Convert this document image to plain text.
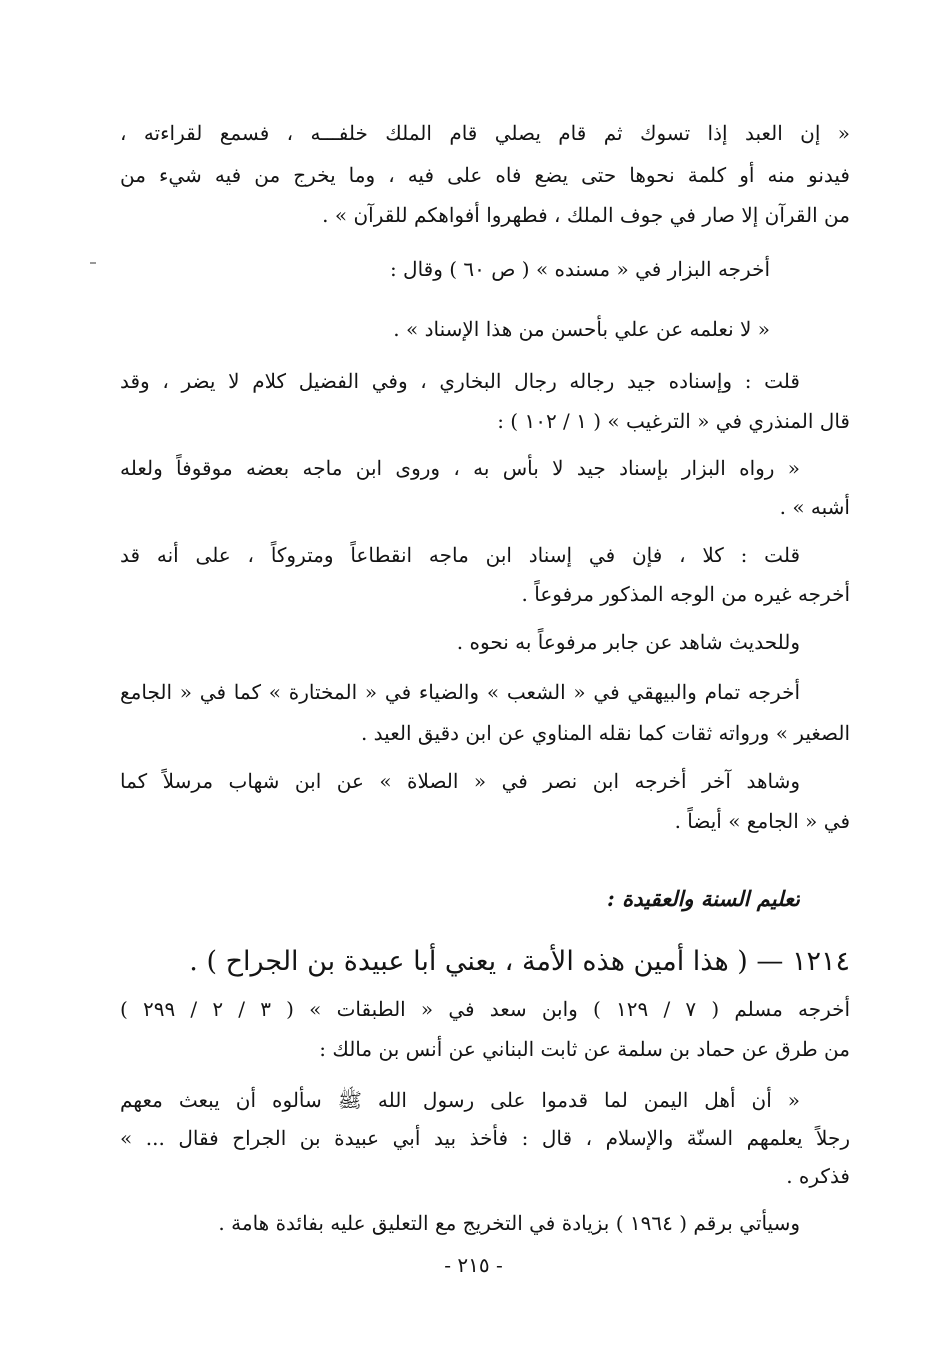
« إن العبد إذا تسوك ثم قام يصلي قام الملك خلفـــه ، فسمع لقراءته ،
فيدنو منه أو كلمة نحوها حتى يضع فاه على فيه ، وما يخرج من فيه شيء من
من القرآن إلا صار في جوف الملك ، فطهروا أفواهكم للقرآن » .
أخرجه البزار في « مسنده » ( ص ٦٠ ) وقال :
« لا نعلمه عن علي بأحسن من هذا الإسناد » .
قلت : وإسناده جيد رجاله رجال البخاري ، وفي الفضيل كلام لا يضر ، وقد
قال المنذري في « الترغيب » ( ١ / ١٠٢ ) :
« رواه البزار بإسناد جيد لا بأس به ، وروى ابن ماجه بعضه موقوفاً ولعله
أشبه » .
قلت : كلا ، فإن في إسناد ابن ماجه انقطاعاً ومتروكاً ، على أنه قد
أخرجه غيره من الوجه المذكور مرفوعاً .
وللحديث شاهد عن جابر مرفوعاً به نحوه .
أخرجه تمام والبيهقي في « الشعب » والضياء في « المختارة » كما في « الجامع
الصغير » ورواته ثقات كما نقله المناوي عن ابن دقيق العيد .
وشاهد آخر أخرجه ابن نصر في « الصلاة » عن ابن شهاب مرسلاً كما
في « الجامع » أيضاً .
تعليم السنة والعقيدة :
١٢١٤ — ( هذا أمين هذه الأمة ، يعني أبا عبيدة بن الجراح ) .
أخرجه مسلم ( ٧ / ١٢٩ ) وابن سعد في « الطبقات » ( ٣ / ٢ / ٢٩٩ )
من طرق عن حماد بن سلمة عن ثابت البناني عن أنس بن مالك :
« أن أهل اليمن لما قدموا على رسول الله ﷺ سألوه أن يبعث معهم
رجلاً يعلمهم السنّة والإسلام ، قال : فأخذ بيد أبي عبيدة بن الجراح فقال ... »
فذكره .
وسيأتي برقم ( ١٩٦٤ ) بزيادة في التخريج مع التعليق عليه بفائدة هامة .
- ٢١٥ -
